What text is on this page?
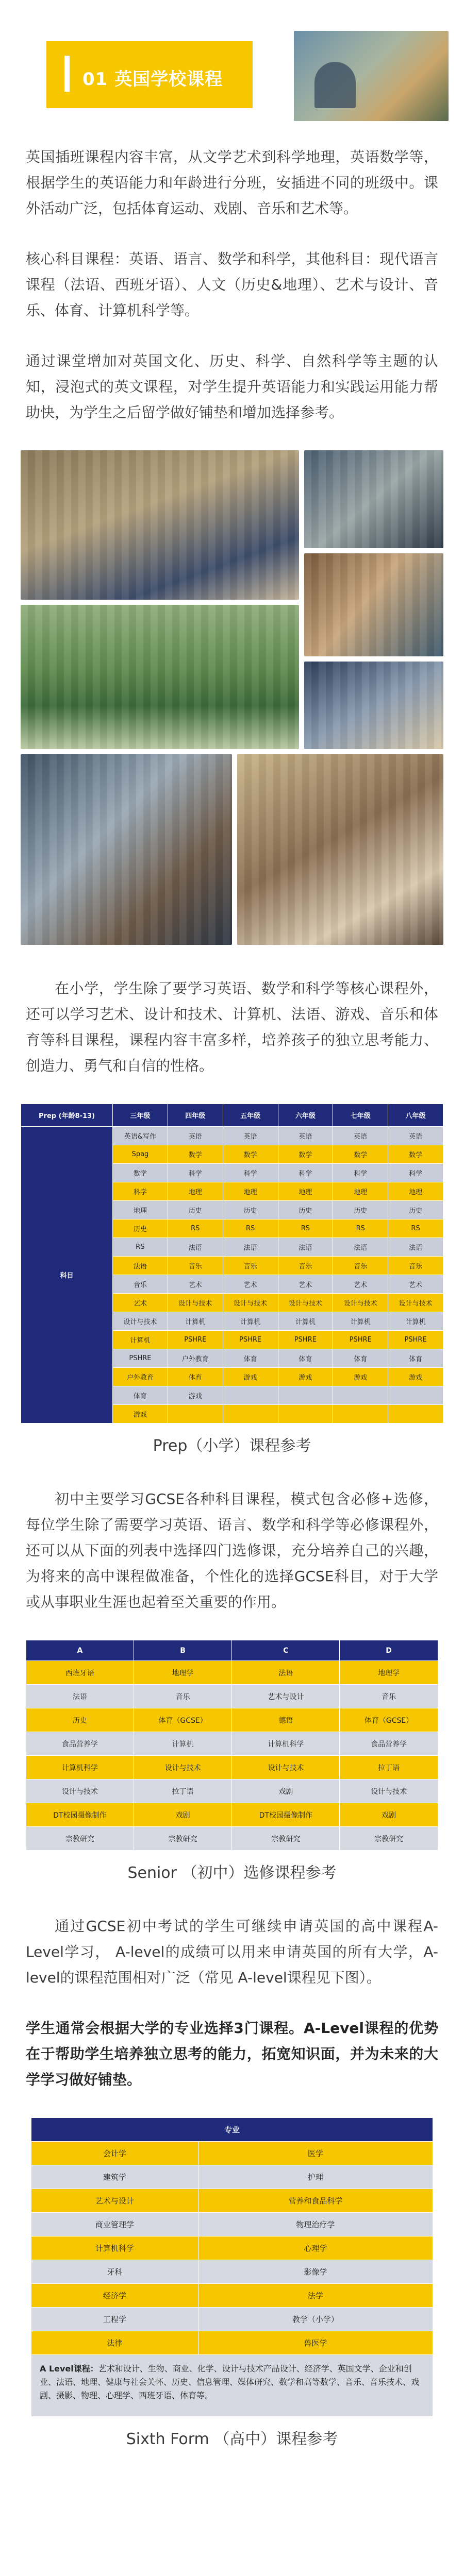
01 英国学校课程

英国插班课程内容丰富，从文学艺术到科学地理，英语数学等，根据学生的英语能力和年龄进行分班，安插进不同的班级中。课外活动广泛，包括体育运动、戏剧、音乐和艺术等。

核心科目课程：英语、语言、数学和科学，其他科目：现代语言课程（法语、西班牙语）、人文（历史&地理）、艺术与设计、音乐、体育、计算机科学等。

通过课堂增加对英国文化、历史、科学、自然科学等主题的认知，浸泡式的英文课程，对学生提升英语能力和实践运用能力帮助快，为学生之后留学做好铺垫和增加选择参考。

在小学，学生除了要学习英语、数学和科学等核心课程外，还可以学习艺术、设计和技术、计算机、法语、游戏、音乐和体育等科目课程，课程内容丰富多样，培养孩子的独立思考能力、创造力、勇气和自信的性格。

Prep (年龄8-13)	三年级	四年级	五年级	六年级	七年级	八年级
科目	英语&写作	英语	英语	英语	英语	英语
	Spag	数学	数学	数学	数学	数学
	数学	科学	科学	科学	科学	科学
	科学	地理	地理	地理	地理	地理
	地理	历史	历史	历史	历史	历史
	历史	RS	RS	RS	RS	RS
	RS	法语	法语	法语	法语	法语
	法语	音乐	音乐	音乐	音乐	音乐
	音乐	艺术	艺术	艺术	艺术	艺术
	艺术	设计与技术	设计与技术	设计与技术	设计与技术	设计与技术
	设计与技术	计算机	计算机	计算机	计算机	计算机
	计算机	PSHRE	PSHRE	PSHRE	PSHRE	PSHRE
	PSHRE	户外教育	体育	体育	体育	体育
	户外教育	体育	游戏	游戏	游戏	游戏
	体育	游戏				
	游戏					
Prep（小学）课程参考

初中主要学习GCSE各种科目课程，模式包含必修+选修，每位学生除了需要学习英语、语言、数学和科学等必修课程外，还可以从下面的列表中选择四门选修课，充分培养自己的兴趣，为将来的高中课程做准备，个性化的选择GCSE科目，对于大学或从事职业生涯也起着至关重要的作用。

A	B	C	D
西班牙语	地理学	法语	地理学
法语	音乐	艺术与设计	音乐
历史	体育（GCSE）	德语	体育（GCSE）
食品营养学	计算机	计算机科学	食品营养学
计算机科学	设计与技术	设计与技术	拉丁语
设计与技术	拉丁语	戏剧	设计与技术
DT校园摄像制作	戏剧	DT校园摄像制作	戏剧
宗教研究	宗教研究	宗教研究	宗教研究
Senior （初中）选修课程参考

通过GCSE初中考试的学生可继续申请英国的高中课程A-Level学习， A-level的成绩可以用来申请英国的所有大学，A-level的课程范围相对广泛（常见 A-level课程见下图）。

学生通常会根据大学的专业选择3门课程。A-Level课程的优势在于帮助学生培养独立思考的能力，拓宽知识面，并为未来的大学学习做好铺垫。

专业	
会计学	医学
建筑学	护理
艺术与设计	营养和食品科学
商业管理学	物理治疗学
计算机科学	心理学
牙科	影像学
经济学	法学
工程学	教学（小学）
法律	兽医学
A Level课程：艺术和设计、生物、商业、化学、设计与技术产品设计、经济学、英国文学、企业和创业、法语、地理、健康与社会关怀、历史、信息管理、媒体研究、数学和高等数学、音乐、音乐技术、戏剧、摄影、物理、心理学、西班牙语、体育等。	
Sixth Form （高中）课程参考
